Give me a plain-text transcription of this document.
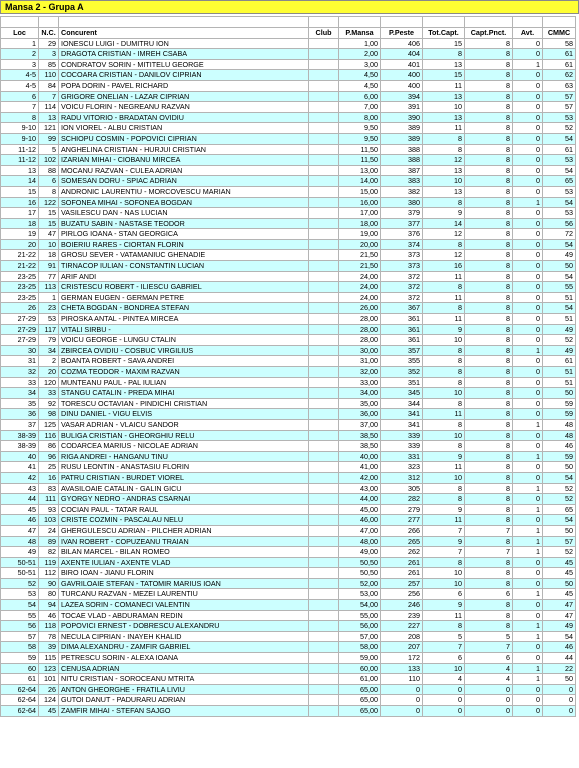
Mansa 2 - Grupa A

Loc	N.C.	Concurent	Club	P.Mansa	P.Peste	Tot.Capt.	Capt.Pnct.	Avt.	CMMC
1	29	IONESCU LUIGI - DUMITRU ION		1,00	406	15	8	0	58
2	3	DRAGOTA CRISTIAN - IMREH CSABA		2,00	404	8	8	0	61
3	85	CONDRATOV SORIN - MITITELU GEORGE		3,00	401	13	8	1	61
4-5	110	COCOARA CRISTIAN - DANILOV CIPRIAN		4,50	400	15	8	0	62
4-5	84	POPA DORIN - PAVEL RICHARD		4,50	400	11	8	0	63
6	7	GRIGORE ONELIAN - LAZAR CIPRIAN		6,00	394	13	8	0	57
7	114	VOICU FLORIN - NEGREANU RAZVAN		7,00	391	10	8	0	57
8	13	RADU VITORIO - BRADATAN OVIDIU		8,00	390	13	8	0	53
9-10	121	ION VIOREL - ALBU CRISTIAN		9,50	389	11	8	0	52
9-10	99	SCHIOPU COSMIN - POPOVICI CIPRIAN		9,50	389	8	8	0	54
11-12	5	ANGHELINA CRISTIAN - HURJUI CRISTIAN		11,50	388	8	8	0	61
11-12	102	IZARIAN MIHAI - CIOBANU MIRCEA		11,50	388	12	8	0	53
13	88	MOCANU RAZVAN - CULEA ADRIAN		13,00	387	13	8	0	54
14	6	SOMESAN DORU - SPIAC ADRIAN		14,00	383	10	8	0	65
15	8	ANDRONIC LAURENTIU - MORCOVESCU MARIAN		15,00	382	13	8	0	53
16	122	SOFONEA MIHAI - SOFONEA BOGDAN		16,00	380	8	8	1	54
17	15	VASILESCU DAN - NAS LUCIAN		17,00	379	9	8	0	53
18	15	BUZATU SABIN - NASTASE TEODOR		18,00	377	14	8	0	56
19	47	PIRLOG IOANA - STAN GEORGICA		19,00	376	12	8	0	72
20	10	BOIERIU RARES - CIORTAN FLORIN		20,00	374	8	8	0	54
21-22	18	GROSU SEVER - VATAMANIUC GHENADIE		21,50	373	12	8	0	49
21-22	91	TIRNACOP IULIAN - CONSTANTIN LUCIAN		21,50	373	16	8	0	50
23-25	77	ARIF ANDI		24,00	372	11	8	0	54
23-25	113	CRISTESCU ROBERT - ILIESCU GABRIEL		24,00	372	8	8	0	55
23-25	1	GERMAN EUGEN - GERMAN PETRE		24,00	372	11	8	0	51
26	23	CHETA BOGDAN - BONDREA STEFAN		26,00	367	8	8	0	54
27-29	53	PIROSKA ANTAL - PINTEA MIRCEA		28,00	361	11	8	0	51
27-29	117	VITALI SIRBU -		28,00	361	9	8	0	49
27-29	79	VOICU GEORGE - LUNGU CTALIN		28,00	361	10	8	0	52
30	34	ZBIRCEA OVIDIU - COSBUC VIRGILIUS		30,00	357	8	8	1	49
31	2	BOANTA ROBERT - SAVA ANDREI		31,00	355	8	8	0	61
32	20	COZMA TEODOR - MAXIM RAZVAN		32,00	352	8	8	0	51
33	120	MUNTEANU PAUL - PAL IULIAN		33,00	351	8	8	0	51
34	33	STANGU CATALIN - PREDA MIHAI		34,00	345	10	8	0	50
35	92	TORESCU OCTAVIAN - PINDICHI CRISTIAN		35,00	344	8	8	0	59
36	98	DINU DANIEL - VIGU ELVIS		36,00	341	11	8	0	59
37	125	VASAR ADRIAN - VLAICU SANDOR		37,00	341	8	8	1	48
38-39	116	BULIGA CRISTIAN - GHEORGHIU RELU		38,50	339	10	8	0	48
38-39	86	CODARCEA MARIUS - NICOLAE ADRIAN		38,50	339	8	8	0	46
40	96	RIGA ANDREI - HANGANU TINU		40,00	331	9	8	1	59
41	25	RUSU LEONTIN - ANASTASIU FLORIN		41,00	323	11	8	0	50
42	16	PATRU CRISTIAN - BURDET VIOREL		42,00	312	10	8	0	54
43	83	AVASILOAIE CATALIN - GALIN GICU		43,00	305	8	8	1	52
44	111	GYORGY NEDRO - ANDRAS CSARNAI		44,00	282	8	8	0	52
45	93	COCIAN PAUL - TATAR RAUL		45,00	279	9	8	1	65
46	103	CRISTE COZMIN - PASCALAU NELU		46,00	277	11	8	0	54
47	24	GHERGULESCU ADRIAN - PILCHER ADRIAN		47,00	266	7	7	1	50
48	89	IVAN ROBERT - COPUZEANU TRAIAN		48,00	265	9	8	1	57
49	82	BILAN MARCEL - BILAN ROMEO		49,00	262	7	7	1	52
50-51	119	AXENTE IULIAN - AXENTE VLAD		50,50	261	8	8	0	45
50-51	112	BIRO IOAN - JIANU FLORIN		50,50	261	10	8	0	45
52	90	GAVRILOAIE STEFAN - TATOMIR MARIUS IOAN		52,00	257	10	8	0	50
53	80	TURCANU RAZVAN - MEZEI LAURENTIU		53,00	256	6	6	1	45
54	94	LAZEA SORIN - COMANECI VALENTIN		54,00	246	9	8	0	47
55	46	TOCAE VLAD - ABDURAMAN REDIN		55,00	239	11	8	0	47
56	118	POPOVICI ERNEST - DOBRESCU ALEXANDRU		56,00	227	8	8	1	49
57	78	NECULA CIPRIAN - INAYEH KHALID		57,00	208	5	5	1	54
58	39	DIMA ALEXANDRU - ZAMFIR GABRIEL		58,00	207	7	7	0	46
59	115	PETRESCU SORIN - ALEXA IOANA		59,00	172	6	6	0	44
60	123	CENUSA ADRIAN		60,00	133	10	4	1	22
61	101	NITU CRISTIAN - SOROCEANU MTRITA		61,00	110	4	4	1	50
62-64	26	ANTON GHEORGHE - FRATILA LIVIU		65,00	0	0	0	0	0
62-64	124	GUTOI DANUT - PADURARU ADRIAN		65,00	0	0	0	0	0
62-64	45	ZAMFIR MIHAI - STEFAN SAJGO		65,00	0	0	0	0	0
